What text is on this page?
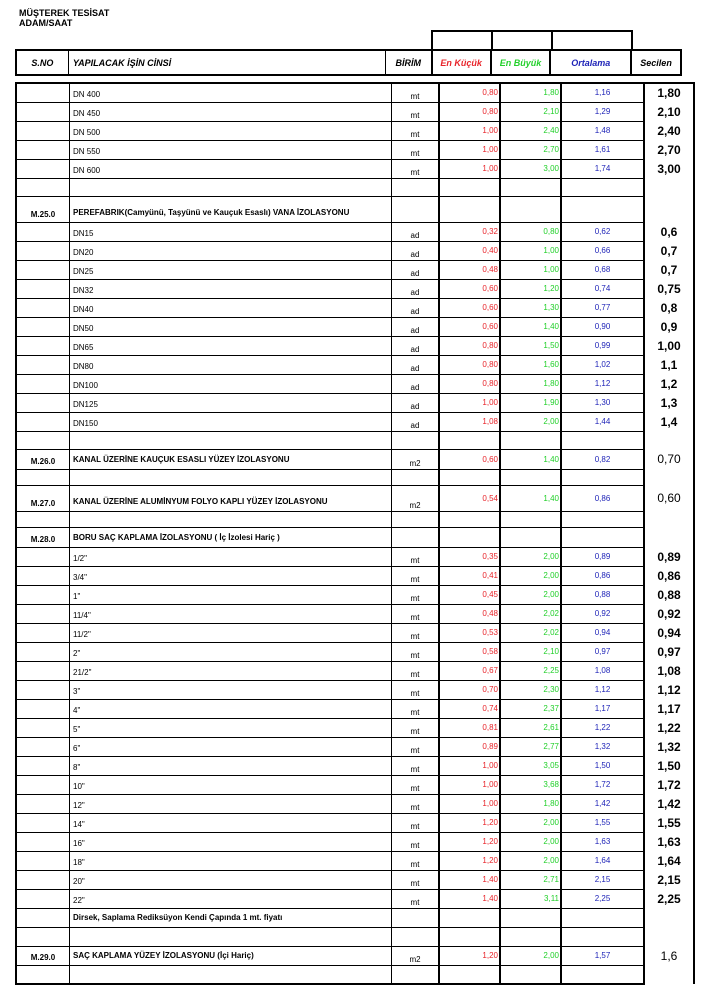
MÜŞTEREK TESİSAT
ADAM/SAAT
S.NO	YAPILACAK İŞİN CİNSİ	BİRİM	En Küçük	En Büyük	Ortalama	Secilen
	DN 400	mt	0,80	1,80	1,16	1,80
	DN 450	mt	0,80	2,10	1,29	2,10
	DN 500	mt	1,00	2,40	1,48	2,40
	DN 550	mt	1,00	2,70	1,61	2,70
	DN 600	mt	1,00	3,00	1,74	3,00

M.25.0	PEREFABRIK(Camyünü, Taşyünü ve Kauçuk Esaslı) VANA İZOLASYONU					
	DN15	ad	0,32	0,80	0,62	0,6
	DN20	ad	0,40	1,00	0,66	0,7
	DN25	ad	0,48	1,00	0,68	0,7
	DN32	ad	0,60	1,20	0,74	0,75
	DN40	ad	0,60	1,30	0,77	0,8
	DN50	ad	0,60	1,40	0,90	0,9
	DN65	ad	0,80	1,50	0,99	1,00
	DN80	ad	0,80	1,60	1,02	1,1
	DN100	ad	0,80	1,80	1,12	1,2
	DN125	ad	1,00	1,90	1,30	1,3
	DN150	ad	1,08	2,00	1,44	1,4

M.26.0	KANAL ÜZERİNE KAUÇUK ESASLI YÜZEY İZOLASYONU	m2	0,60	1,40	0,82	0,70

M.27.0	KANAL ÜZERİNE ALUMİNYUM FOLYO KAPLI YÜZEY İZOLASYONU	m2	0,54	1,40	0,86	0,60

M.28.0	BORU SAÇ KAPLAMA İZOLASYONU ( İç İzolesi Hariç )					
	1/2"	mt	0,35	2,00	0,89	0,89
	3/4"	mt	0,41	2,00	0,86	0,86
	1"	mt	0,45	2,00	0,88	0,88
	11/4"	mt	0,48	2,02	0,92	0,92
	11/2"	mt	0,53	2,02	0,94	0,94
	2"	mt	0,58	2,10	0,97	0,97
	21/2"	mt	0,67	2,25	1,08	1,08
	3"	mt	0,70	2,30	1,12	1,12
	4"	mt	0,74	2,37	1,17	1,17
	5"	mt	0,81	2,61	1,22	1,22
	6"	mt	0,89	2,77	1,32	1,32
	8"	mt	1,00	3,05	1,50	1,50
	10"	mt	1,00	3,68	1,72	1,72
	12"	mt	1,00	1,80	1,42	1,42
	14"	mt	1,20	2,00	1,55	1,55
	16"	mt	1,20	2,00	1,63	1,63
	18"	mt	1,20	2,00	1,64	1,64
	20"	mt	1,40	2,71	2,15	2,15
	22"	mt	1,40	3,11	2,25	2,25
	Dirsek, Saplama Rediksüyon Kendi Çapında 1 mt. fiyatı					

M.29.0	SAÇ KAPLAMA YÜZEY İZOLASYONU (İçi Hariç)	m2	1,20	2,00	1,57	1,6
